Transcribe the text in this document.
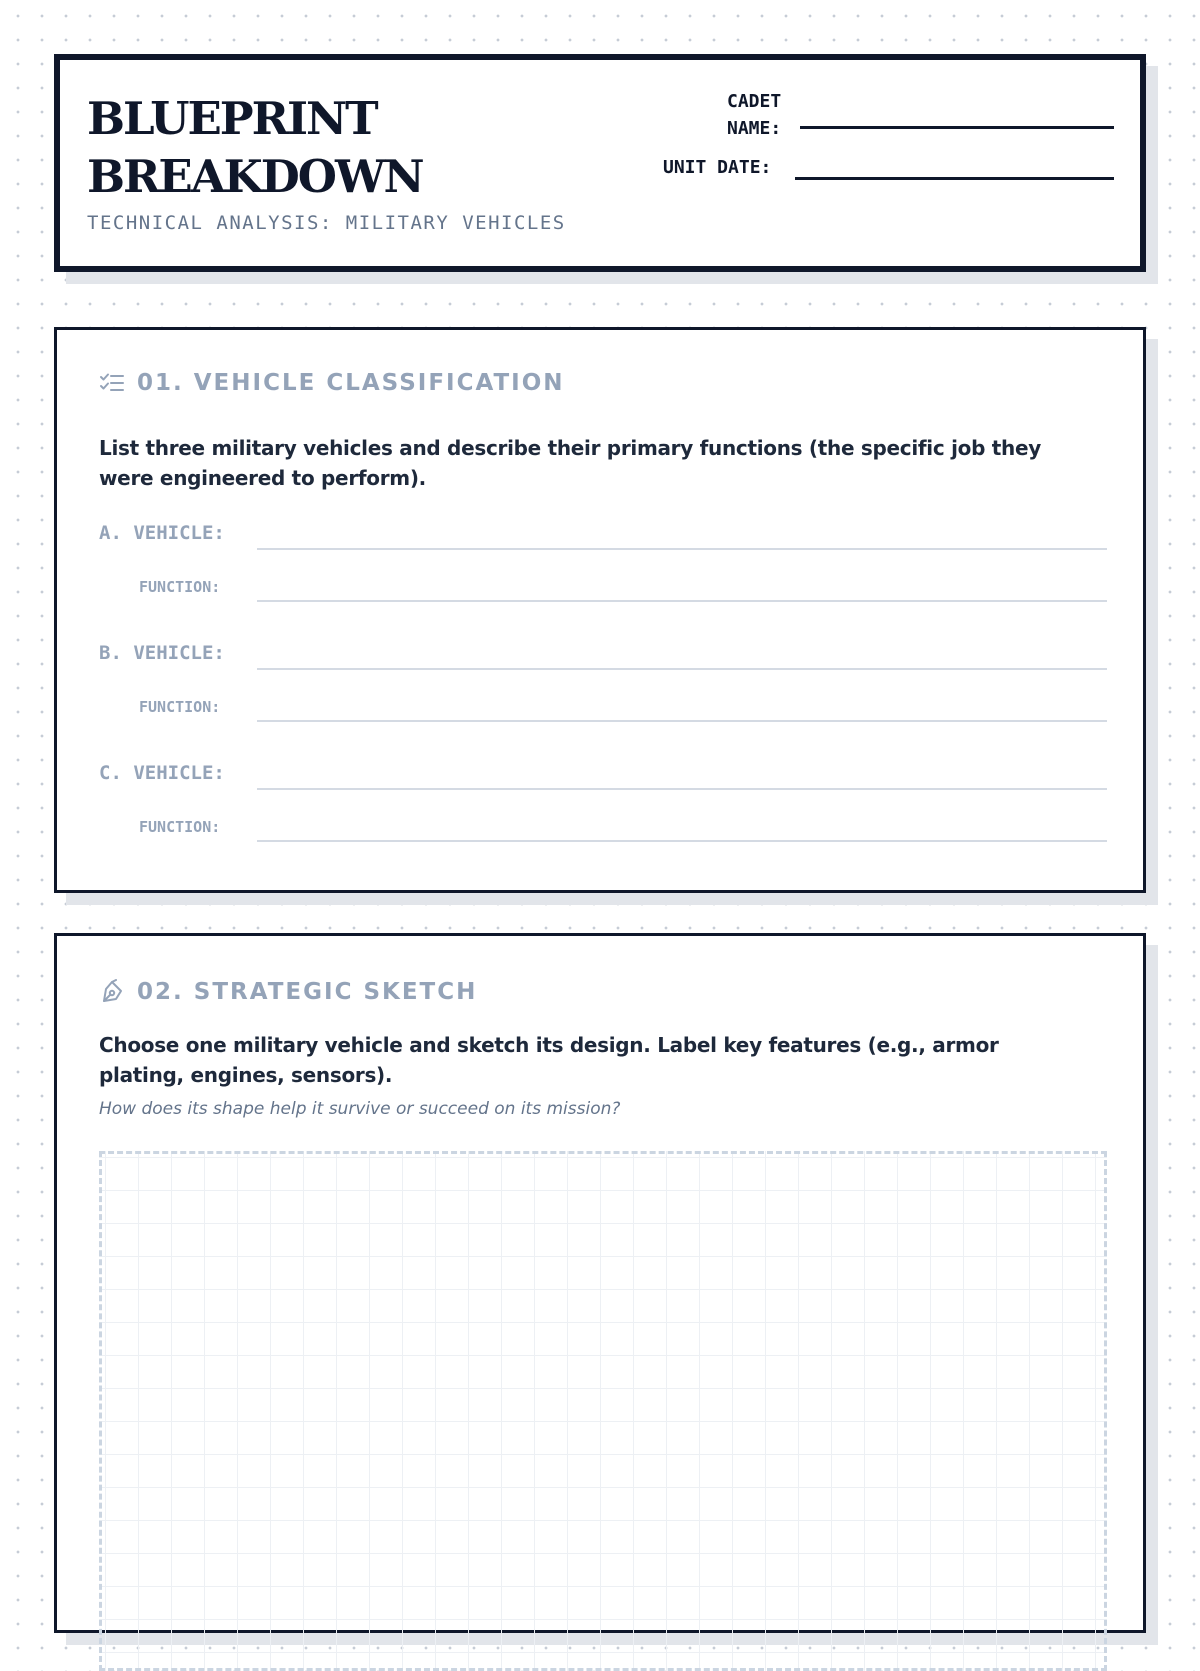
BLUEPRINT
BREAKDOWN
TECHNICAL ANALYSIS: MILITARY VEHICLES
CADET
NAME:
UNIT DATE:
01. VEHICLE CLASSIFICATION
List three military vehicles and describe their primary functions (the specific job they were engineered to perform).
A. VEHICLE:
FUNCTION:
B. VEHICLE:
FUNCTION:
C. VEHICLE:
FUNCTION:
02. STRATEGIC SKETCH
Choose one military vehicle and sketch its design. Label key features (e.g., armor plating, engines, sensors).
How does its shape help it survive or succeed on its mission?
